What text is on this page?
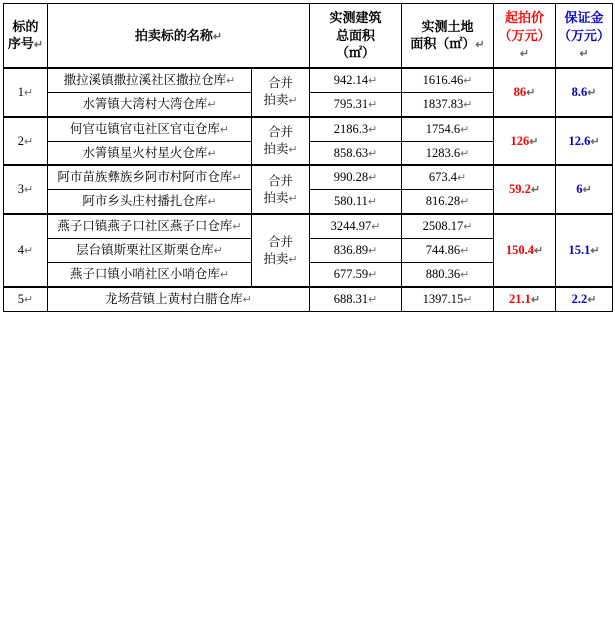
标的
序号↵

拍卖标的名称↵

实测建筑
总面积
（㎡）

实测土地
面积（㎡）↵

起拍价
（万元）↵

保证金
（万元）↵

1↵	撒拉溪镇撒拉溪社区撒拉仓库↵	合并
拍卖↵	942.14↵	1616.46↵	86↵	8.6↵

	水箐镇大湾村大湾仓库↵		795.31↵	1837.83↵		

2↵	何官屯镇官屯社区官屯仓库↵	合并
拍卖↵	2186.3↵	1754.6↵	126↵	12.6↵

	水箐镇星火村星火仓库↵		858.63↵	1283.6↵		

3↵	阿市苗族彝族乡阿市村阿市仓库↵	合并
拍卖↵	990.28↵	673.4↵	59.2↵	6↵

	阿市乡头庄村播扎仓库↵		580.11↵	816.28↵		

4↵	燕子口镇燕子口社区燕子口仓库↵	合并
拍卖↵	3244.97↵	2508.17↵	150.4↵	15.1↵

	层台镇斯栗社区斯栗仓库↵		836.89↵	744.86↵		

	燕子口镇小哨社区小哨仓库↵		677.59↵	880.36↵		

5↵	龙场营镇上黄村白腊仓库↵		688.31↵	1397.15↵	21.1↵	2.2↵
